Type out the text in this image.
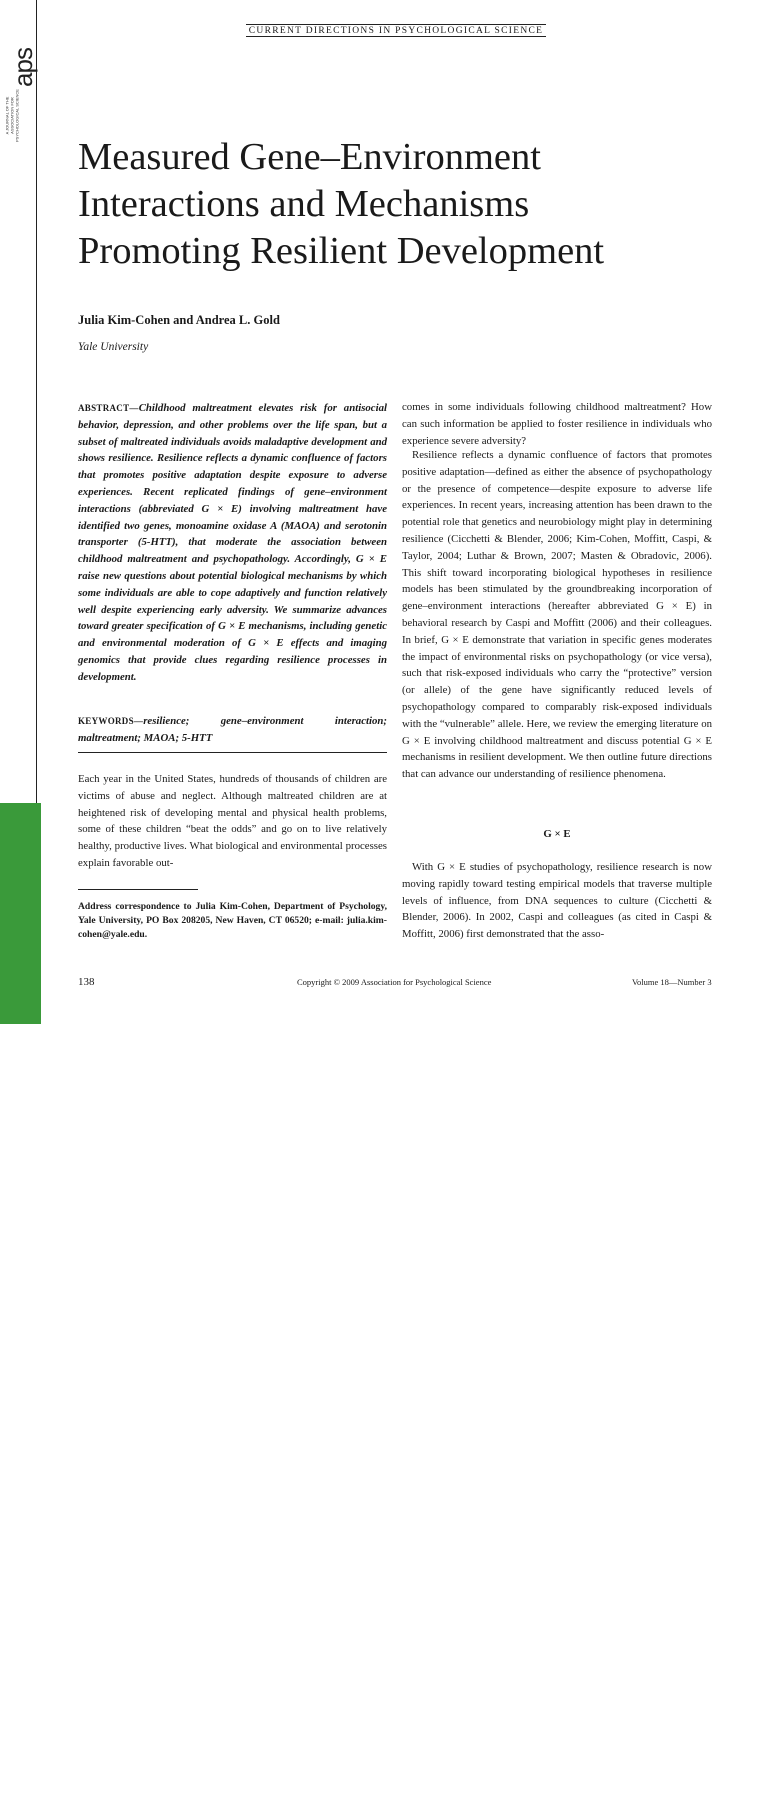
CURRENT DIRECTIONS IN PSYCHOLOGICAL SCIENCE
aps
A JOURNAL OF THE ASSOCIATION FOR PSYCHOLOGICAL SCIENCE
CURRENT Psychological
DIRECTIONS in Science
Measured Gene–Environment Interactions and Mechanisms Promoting Resilient Development
Julia Kim-Cohen and Andrea L. Gold
Yale University
ABSTRACT—Childhood maltreatment elevates risk for antisocial behavior, depression, and other problems over the life span, but a subset of maltreated individuals avoids maladaptive development and shows resilience. Resilience reflects a dynamic confluence of factors that promotes positive adaptation despite exposure to adverse experiences. Recent replicated findings of gene–environment interactions (abbreviated G × E) involving maltreatment have identified two genes, monoamine oxidase A (MAOA) and serotonin transporter (5-HTT), that moderate the association between childhood maltreatment and psychopathology. Accordingly, G × E raise new questions about potential biological mechanisms by which some individuals are able to cope adaptively and function relatively well despite experiencing early adversity. We summarize advances toward greater specification of G × E mechanisms, including genetic and environmental moderation of G × E effects and imaging genomics that provide clues regarding resilience processes in development.
KEYWORDS—resilience; gene–environment interaction; maltreatment; MAOA; 5-HTT
Each year in the United States, hundreds of thousands of children are victims of abuse and neglect. Although maltreated children are at heightened risk of developing mental and physical health problems, some of these children “beat the odds” and go on to live relatively healthy, productive lives. What biological and environmental processes explain favorable out-
Address correspondence to Julia Kim-Cohen, Department of Psychology, Yale University, PO Box 208205, New Haven, CT 06520; e-mail: julia.kim-cohen@yale.edu.
comes in some individuals following childhood maltreatment? How can such information be applied to foster resilience in individuals who experience severe adversity?
Resilience reflects a dynamic confluence of factors that promotes positive adaptation—defined as either the absence of psychopathology or the presence of competence—despite exposure to adverse life experiences. In recent years, increasing attention has been drawn to the potential role that genetics and neurobiology might play in determining resilience (Cicchetti & Blender, 2006; Kim-Cohen, Moffitt, Caspi, & Taylor, 2004; Luthar & Brown, 2007; Masten & Obradovic, 2006). This shift toward incorporating biological hypotheses in resilience models has been stimulated by the groundbreaking incorporation of gene–environment interactions (hereafter abbreviated G × E) in behavioral research by Caspi and Moffitt (2006) and their colleagues. In brief, G × E demonstrate that variation in specific genes moderates the impact of environmental risks on psychopathology (or vice versa), such that risk-exposed individuals who carry the “protective” version (or allele) of the gene have significantly reduced levels of psychopathology compared to comparably risk-exposed individuals with the “vulnerable” allele. Here, we review the emerging literature on G × E involving childhood maltreatment and discuss potential G × E mechanisms in resilient development. We then outline future directions that can advance our understanding of resilience phenomena.
G × E
With G × E studies of psychopathology, resilience research is now moving rapidly toward testing empirical models that traverse multiple levels of influence, from DNA sequences to culture (Cicchetti & Blender, 2006). In 2002, Caspi and colleagues (as cited in Caspi & Moffitt, 2006) first demonstrated that the asso-
138	Copyright © 2009 Association for Psychological Science	Volume 18—Number 3
